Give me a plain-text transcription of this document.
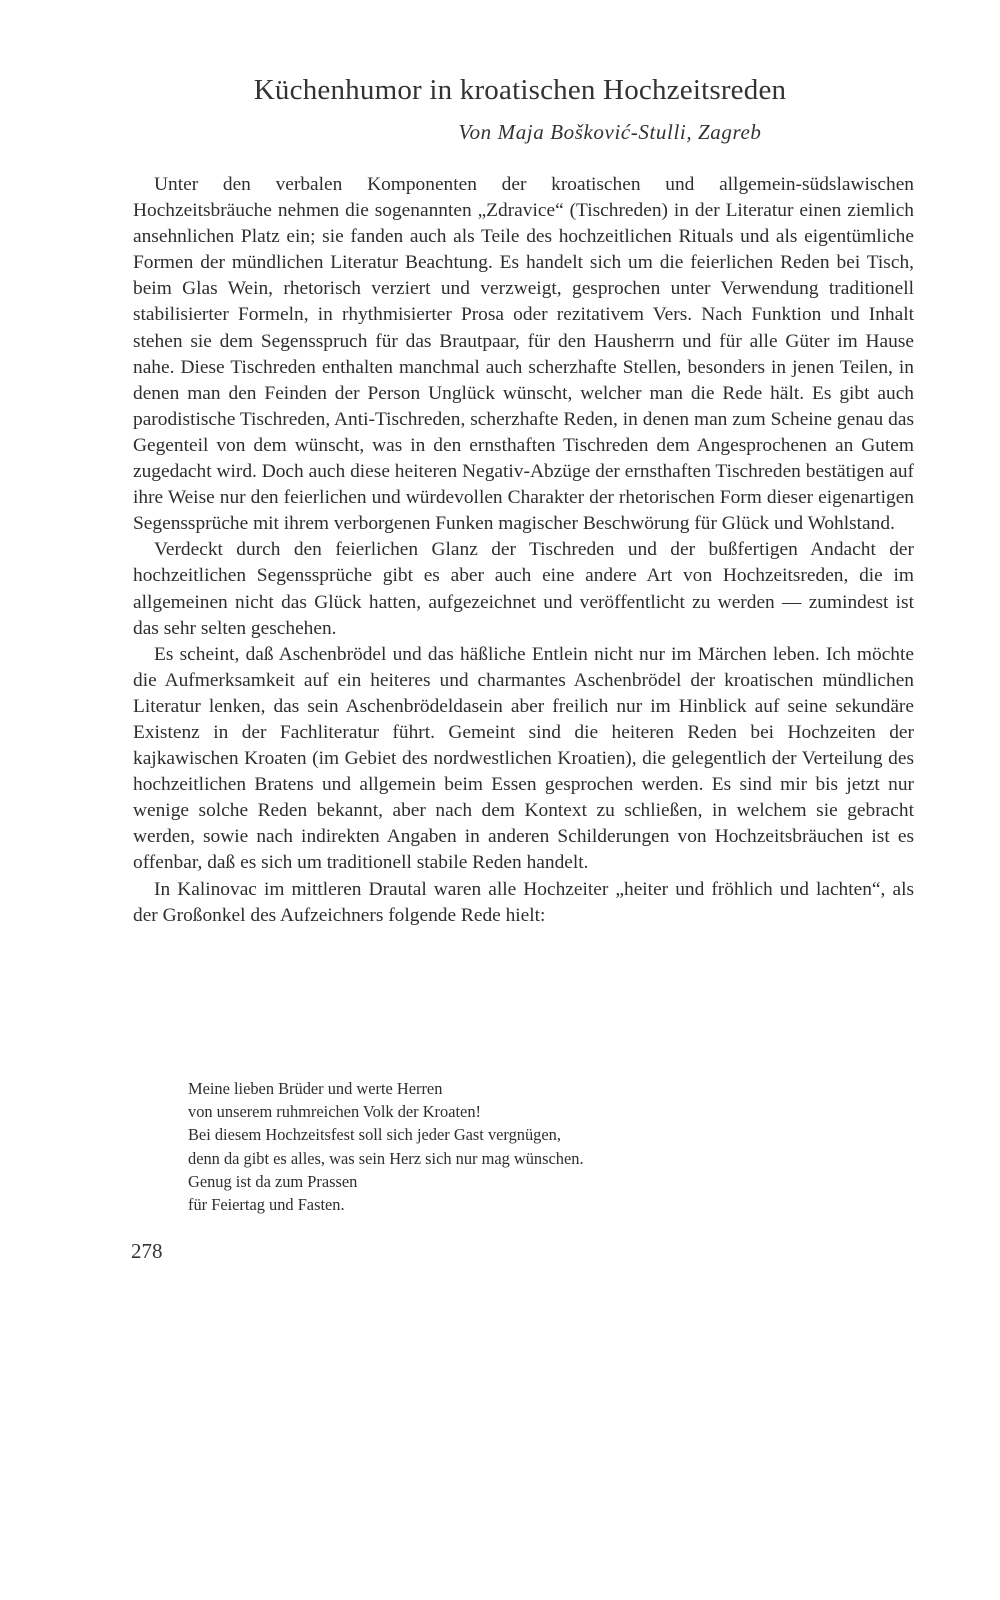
Küchenhumor in kroatischen Hochzeitsreden
Von Maja Bošković-Stulli, Zagreb

Unter den verbalen Komponenten der kroatischen und allgemein-südslawischen Hochzeitsbräuche nehmen die sogenannten „Zdravice“ (Tischreden) in der Literatur einen ziemlich ansehnlichen Platz ein; sie fanden auch als Teile des hochzeitlichen Rituals und als eigentümliche Formen der mündlichen Literatur Beachtung. Es handelt sich um die feierlichen Reden bei Tisch, beim Glas Wein, rhetorisch verziert und verzweigt, gesprochen unter Verwendung traditionell stabilisierter Formeln, in rhythmisierter Prosa oder rezitativem Vers. Nach Funktion und Inhalt stehen sie dem Segensspruch für das Brautpaar, für den Hausherrn und für alle Güter im Hause nahe. Diese Tischreden enthalten manchmal auch scherzhafte Stellen, besonders in jenen Teilen, in denen man den Feinden der Person Unglück wünscht, welcher man die Rede hält. Es gibt auch parodistische Tischreden, Anti-Tischreden, scherzhafte Reden, in denen man zum Scheine genau das Gegenteil von dem wünscht, was in den ernsthaften Tischreden dem Angesprochenen an Gutem zugedacht wird. Doch auch diese heiteren Negativ-Abzüge der ernsthaften Tischreden bestätigen auf ihre Weise nur den feierlichen und würdevollen Charakter der rhetorischen Form dieser eigenartigen Segenssprüche mit ihrem verborgenen Funken magischer Beschwörung für Glück und Wohlstand.

Verdeckt durch den feierlichen Glanz der Tischreden und der bußfertigen Andacht der hochzeitlichen Segenssprüche gibt es aber auch eine andere Art von Hochzeitsreden, die im allgemeinen nicht das Glück hatten, aufgezeichnet und veröffentlicht zu werden — zumindest ist das sehr selten geschehen.

Es scheint, daß Aschenbrödel und das häßliche Entlein nicht nur im Märchen leben. Ich möchte die Aufmerksamkeit auf ein heiteres und charmantes Aschenbrödel der kroatischen mündlichen Literatur lenken, das sein Aschenbrödeldasein aber freilich nur im Hinblick auf seine sekundäre Existenz in der Fachliteratur führt. Gemeint sind die heiteren Reden bei Hochzeiten der kajkawischen Kroaten (im Gebiet des nordwestlichen Kroatien), die gelegentlich der Verteilung des hochzeitlichen Bratens und allgemein beim Essen gesprochen werden. Es sind mir bis jetzt nur wenige solche Reden bekannt, aber nach dem Kontext zu schließen, in welchem sie gebracht werden, sowie nach indirekten Angaben in anderen Schilderungen von Hochzeitsbräuchen ist es offenbar, daß es sich um traditionell stabile Reden handelt.

In Kalinovac im mittleren Drautal waren alle Hochzeiter „heiter und fröhlich und lachten“, als der Großonkel des Aufzeichners folgende Rede hielt:

Meine lieben Brüder und werte Herren
von unserem ruhmreichen Volk der Kroaten!
Bei diesem Hochzeitsfest soll sich jeder Gast vergnügen,
denn da gibt es alles, was sein Herz sich nur mag wünschen.
Genug ist da zum Prassen
für Feiertag und Fasten.
278
